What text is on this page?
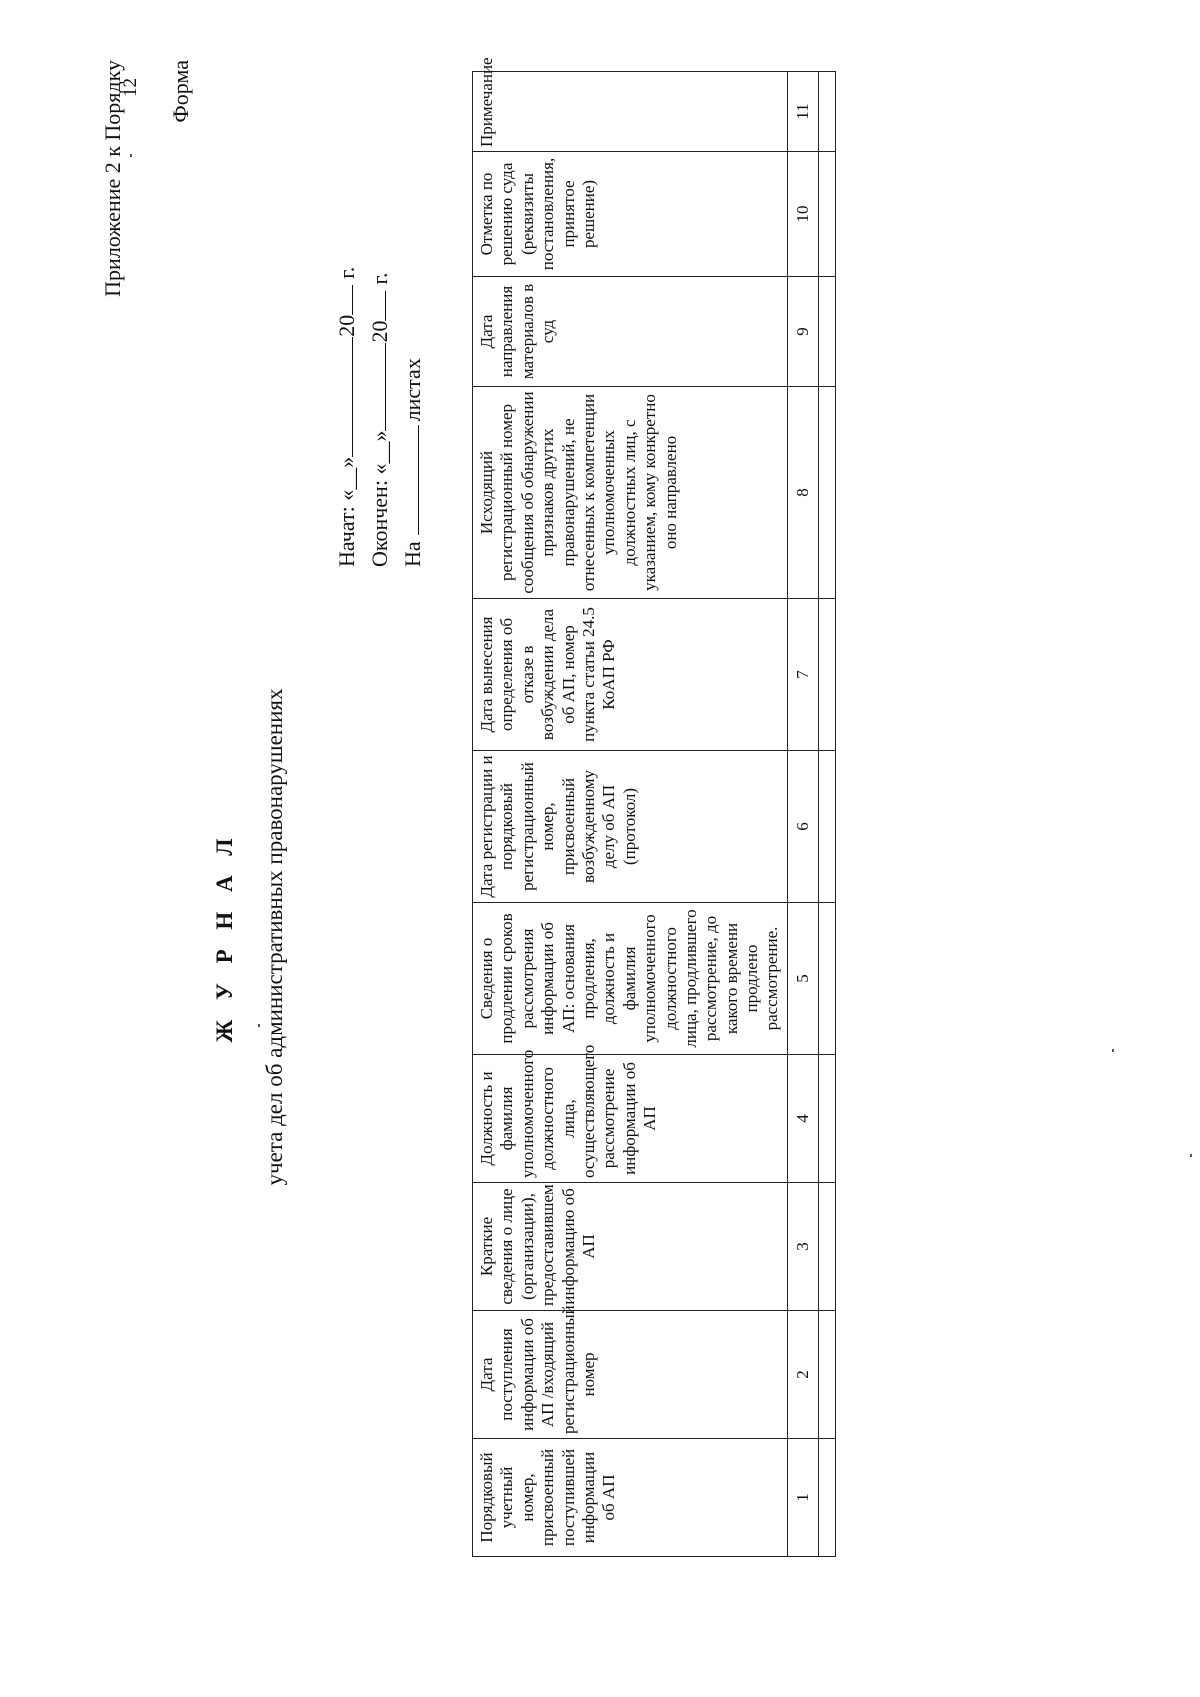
12
Приложение 2 к Порядку Форма
Ж У Р Н А Л учета дел об административных правонарушениях
Начат: «__»
20
г.
Окончен: «__»
20
г.
На
листах
Порядковый учетный номер, присвоенный поступившей информации об АП	Дата поступления информации об АП /входящий регистрационный номер	Краткие сведения о лице (организации), предоставившем информацию об АП	Должность и фамилия уполномоченного должностного лица, осуществляющего рассмотрение информации об АП	Сведения о продлении сроков рассмотрения информации об АП: основания продления, должность и фамилия уполномоченного должностного лица, продлившего рассмотрение, до какого времени продлено рассмотрение.	Дата регистрации и порядковый регистрационный номер, присвоенный возбужденному делу об АП (протокол)	Дата вынесения определения об отказе в возбуждении дела об АП, номер пункта статьи 24.5 КоАП РФ	Исходящий регистрационный номер сообщения об обнаружении признаков других правонарушений, не отнесенных к компетенции уполномоченных должностных лиц, с указанием, кому конкретно оно направлено	Дата направления материалов в суд	Отметка по решению суда (реквизиты постановления, принятое решение)	Примечание
1	2	3	4	5	6	7	8	9	10	11
